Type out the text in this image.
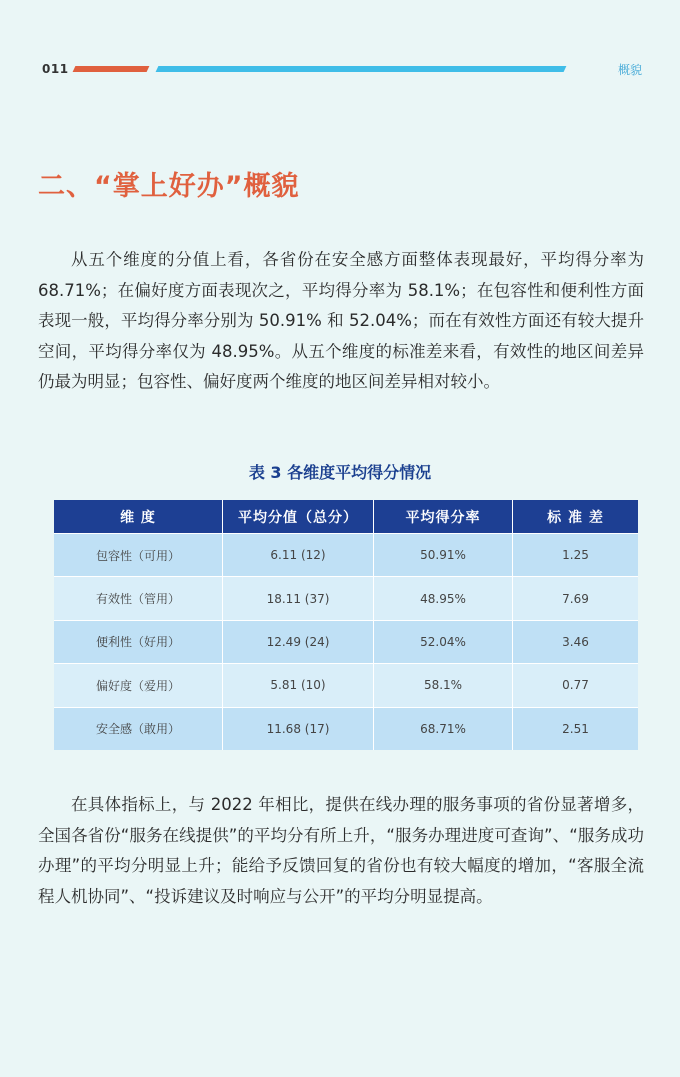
011	概貌
二、“掌上好办”概貌

从五个维度的分值上看，各省份在安全感方面整体表现最好，平均得分率为 68.71%；在偏好度方面表现次之，平均得分率为 58.1%；在包容性和便利性方面表现一般，平均得分率分别为 50.91% 和 52.04%；而在有效性方面还有较大提升空间，平均得分率仅为 48.95%。从五个维度的标准差来看，有效性的地区间差异仍最为明显；包容性、偏好度两个维度的地区间差异相对较小。

表 3 各维度平均得分情况
维 度	平均分值（总分）	平均得分率	标 准 差
包容性（可用）	6.11 (12)	50.91%	1.25
有效性（管用）	18.11 (37)	48.95%	7.69
便利性（好用）	12.49 (24)	52.04%	3.46
偏好度（爱用）	5.81 (10)	58.1%	0.77
安全感（敢用）	11.68 (17)	68.71%	2.51

在具体指标上，与 2022 年相比，提供在线办理的服务事项的省份显著增多，全国各省份“服务在线提供”的平均分有所上升，“服务办理进度可查询”、“服务成功办理”的平均分明显上升；能给予反馈回复的省份也有较大幅度的增加，“客服全流程人机协同”、“投诉建议及时响应与公开”的平均分明显提高。
